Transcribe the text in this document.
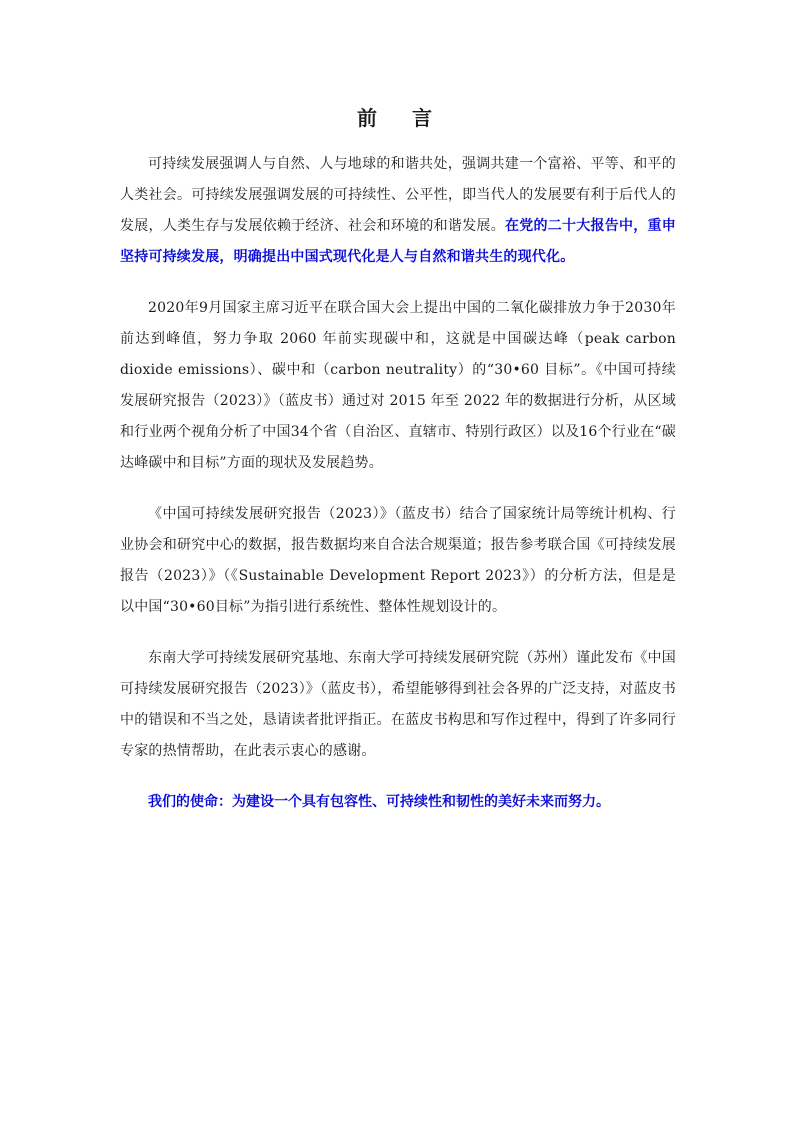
前 言

可持续发展强调人与自然、人与地球的和谐共处，强调共建一个富裕、平等、和平的人类社会。可持续发展强调发展的可持续性、公平性，即当代人的发展要有利于后代人的发展，人类生存与发展依赖于经济、社会和环境的和谐发展。在党的二十大报告中，重申坚持可持续发展，明确提出中国式现代化是人与自然和谐共生的现代化。

2020年9月国家主席习近平在联合国大会上提出中国的二氧化碳排放力争于2030年前达到峰值，努力争取 2060 年前实现碳中和，这就是中国碳达峰（peak carbon dioxide emissions）、碳中和（carbon neutrality）的“30•60 目标”。《中国可持续发展研究报告（2023）》（蓝皮书）通过对 2015 年至 2022 年的数据进行分析，从区域和行业两个视角分析了中国34个省（自治区、直辖市、特别行政区）以及16个行业在“碳达峰碳中和目标”方面的现状及发展趋势。

《中国可持续发展研究报告（2023）》（蓝皮书）结合了国家统计局等统计机构、行业协会和研究中心的数据，报告数据均来自合法合规渠道；报告参考联合国《可持续发展报告（2023）》（《Sustainable Development Report 2023》）的分析方法，但是是以中国“30•60目标”为指引进行系统性、整体性规划设计的。

东南大学可持续发展研究基地、东南大学可持续发展研究院（苏州）谨此发布《中国可持续发展研究报告（2023）》（蓝皮书），希望能够得到社会各界的广泛支持，对蓝皮书中的错误和不当之处，恳请读者批评指正。在蓝皮书构思和写作过程中，得到了许多同行专家的热情帮助，在此表示衷心的感谢。

我们的使命：为建设一个具有包容性、可持续性和韧性的美好未来而努力。
